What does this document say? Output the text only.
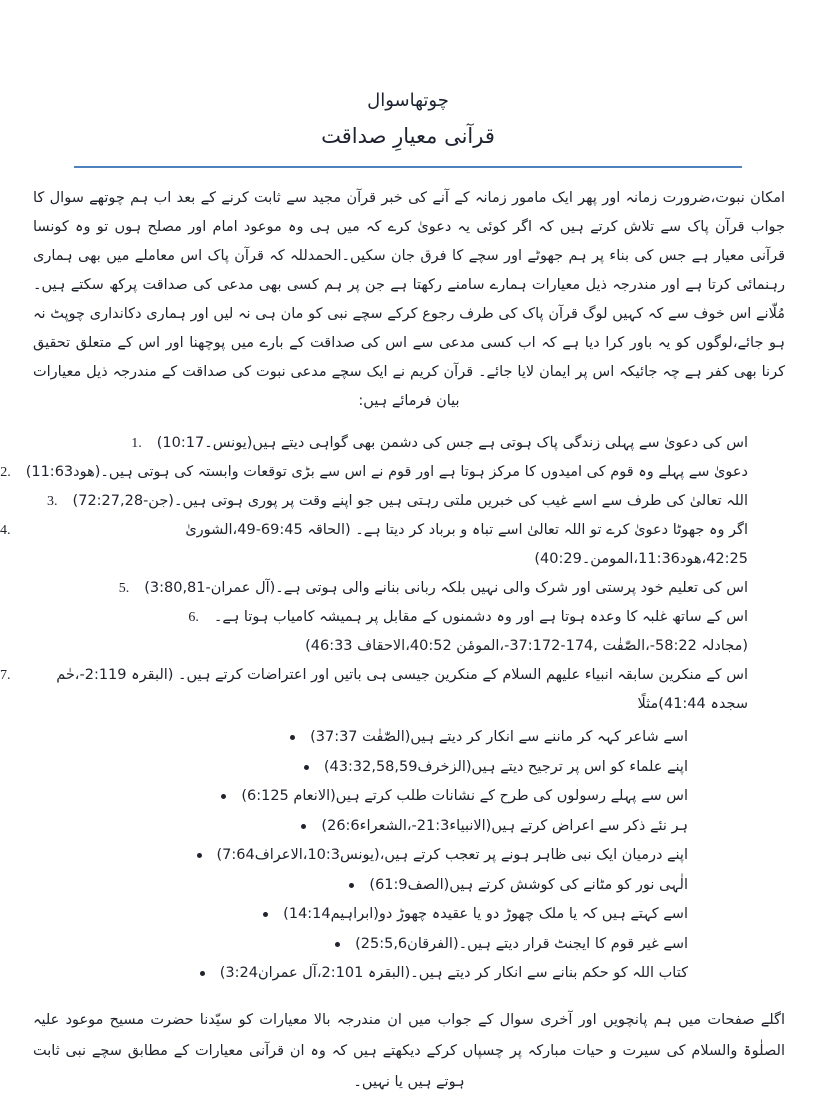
چوتھاسوال
قرآنی معیارِ صداقت

امکان نبوت،ضرورت زمانہ اور پھر ایک مامور زمانہ کے آنے کی خبر قرآن مجید سے ثابت کرنے کے بعد اب ہم چوتھے سوال کا جواب قرآن پاک سے تلاش کرتے ہیں کہ اگر کوئی یہ دعویٰ کرے کہ میں ہی وہ موعود امام اور مصلح ہوں تو وہ کونسا قرآنی معیار ہے جس کی بناء پر ہم جھوٹے اور سچے کا فرق جان سکیں۔الحمدللہ کہ قرآن پاک اس معاملے میں بھی ہماری رہنمائی کرتا ہے اور مندرجہ ذیل معیارات ہمارے سامنے رکھتا ہے جن پر ہم کسی بھی مدعی کی صداقت پرکھ سکتے ہیں۔مُلّانے اس خوف سے کہ کہیں لوگ قرآن پاک کی طرف رجوع کرکے سچے نبی کو مان ہی نہ لیں اور ہماری دکانداری چوپٹ نہ ہو جائے،لوگوں کو یہ باور کرا دیا ہے کہ اب کسی مدعی سے اس کی صداقت کے بارے میں پوچھنا اور اس کے متعلق تحقیق کرنا بھی کفر ہے چہ جائیکہ اس پر ایمان لایا جائے۔ قرآن کریم نے ایک سچے مدعی نبوت کی صداقت کے مندرجہ ذیل معیارات بیان فرمائے ہیں:

1. اس کی دعویٰ سے پہلی زندگی پاک ہوتی ہے جس کی دشمن بھی گواہی دیتے ہیں(یونس۔10:17)
2. دعویٰ سے پہلے وہ قوم کی امیدوں کا مرکز ہوتا ہے اور قوم نے اس سے بڑی توقعات وابستہ کی ہوتی ہیں۔(ھود11:63)
3. اللہ تعالیٰ کی طرف سے اسے غیب کی خبریں ملتی رہتی ہیں جو اپنے وقت پر پوری ہوتی ہیں۔(جن-72:27,28)
4.	اگر وہ جھوٹا دعویٰ کرے تو اللہ تعالیٰ اسے تباہ و برباد کر دیتا ہے۔ (الحاقہ 69:45-49،الشوریٰ 42:25،ھود11:36،المومن۔40:29)
5. اس کی تعلیم خود پرستی اور شرک والی نہیں بلکہ ربانی بنانے والی ہوتی ہے۔(آل عمران-3:80,81)
6. اس کے ساتھ غلبہ کا وعدہ ہوتا ہے اور وہ دشمنوں کے مقابل پر ہمیشہ کامیاب ہوتا ہے۔
(مجادلہ 58:22-،الصّٰفٰت ,174-37:172-،المومٔن 40:52،الاحقاف 46:33)
7.	اس کے منکرین سابقہ انبیاء علیھم السلام کے منکرین جیسی ہی باتیں اور اعتراضات کرتے ہیں۔ (البقرہ 2:119-،حٰم سجدہ 41:44)مثلًا
اسے شاعر کہہ کر ماننے سے انکار کر دیتے ہیں(الصّٰفٰت 37:37)
اپنے علماء کو اس پر ترجیح دیتے ہیں(الزخرف43:32,58,59)
اس سے پہلے رسولوں کی طرح کے نشانات طلب کرتے ہیں(الانعام 6:125)
ہر نئے ذکر سے اعراض کرتے ہیں(الانبیاء21:3-،الشعراء26:6)
اپنے درمیان ایک نبی ظاہر ہونے پر تعجب کرتے ہیں،(یونس10:3،الاعراف7:64)
الٰہی نور کو مٹانے کی کوشش کرتے ہیں(الصف61:9)
اسے کہتے ہیں کہ یا ملک چھوڑ دو یا عقیدہ چھوڑ دو(ابراہیم14:14)
اسے غیر قوم کا ایجنٹ قرار دیتے ہیں۔(الفرقان25:5,6)
کتاب اللہ کو حکم بنانے سے انکار کر دیتے ہیں۔(البقرہ 2:101،آل عمران3:24)

اگلے صفحات میں ہم پانچویں اور آخری سوال کے جواب میں ان مندرجہ بالا معیارات کو سیّدنا حضرت مسیح موعود علیہ الصلٰوۃ والسلام کی سیرت و حیات مبارکہ پر چسپاں کرکے دیکھتے ہیں کہ وہ ان قرآنی معیارات کے مطابق سچے نبی ثابت ہوتے ہیں یا نہیں۔
